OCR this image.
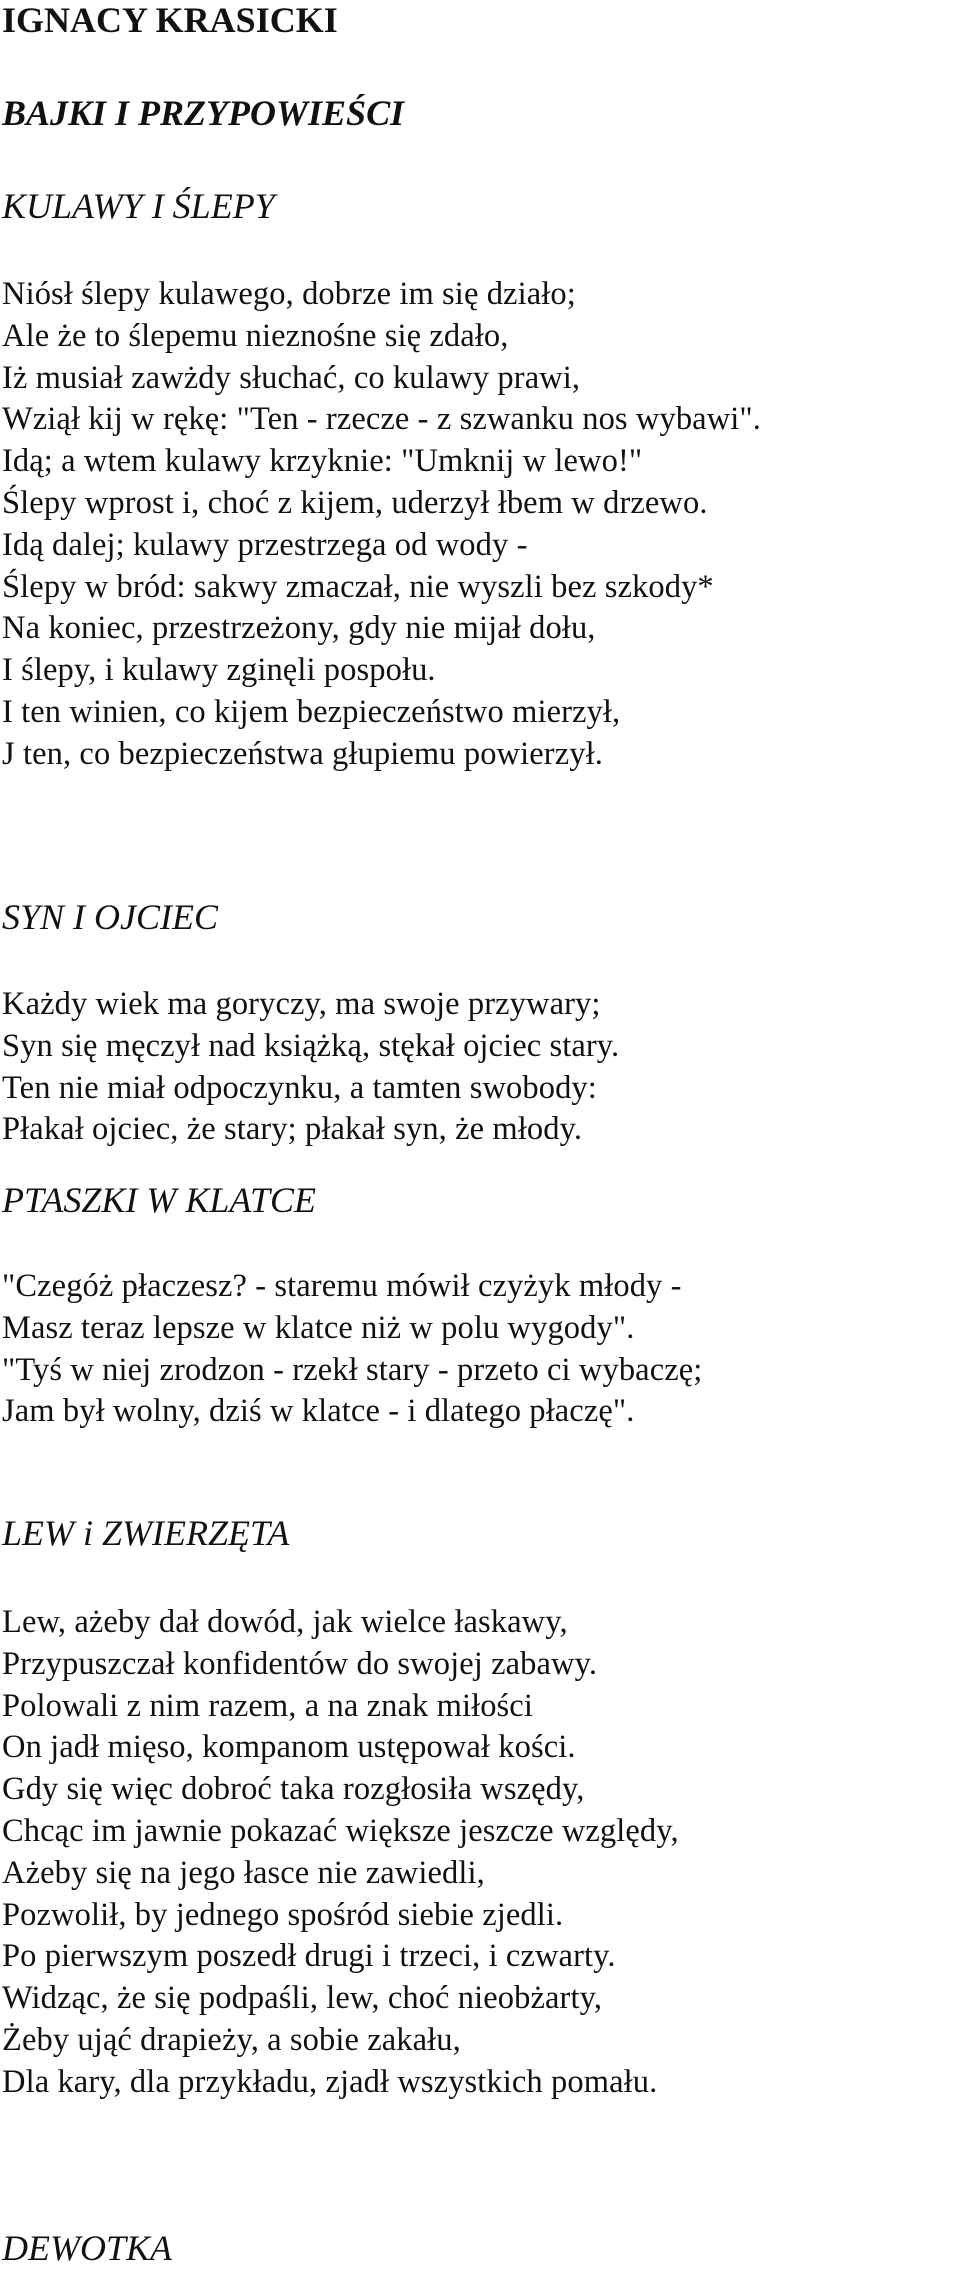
IGNACY KRASICKI
BAJKI I PRZYPOWIEŚCI
KULAWY I ŚLEPY
Niósł ślepy kulawego, dobrze im się działo;
Ale że to ślepemu nieznośne się zdało,
Iż musiał zawżdy słuchać, co kulawy prawi,
Wziął kij w rękę: "Ten - rzecze - z szwanku nos wybawi".
Idą; a wtem kulawy krzyknie: "Umknij w lewo!"
Ślepy wprost i, choć z kijem, uderzył łbem w drzewo.
Idą dalej; kulawy przestrzega od wody -
Ślepy w bród: sakwy zmaczał, nie wyszli bez szkody*
Na koniec, przestrzeżony, gdy nie mijał dołu,
I ślepy, i kulawy zginęli pospołu.
I ten winien, co kijem bezpieczeństwo mierzył,
J ten, co bezpieczeństwa głupiemu powierzył.
SYN I OJCIEC
Każdy wiek ma goryczy, ma swoje przywary;
Syn się męczył nad książką, stękał ojciec stary.
Ten nie miał odpoczynku, a tamten swobody:
Płakał ojciec, że stary; płakał syn, że młody.
PTASZKI W KLATCE
"Czegóż płaczesz? - staremu mówił czyżyk młody -
Masz teraz lepsze w klatce niż w polu wygody".
"Tyś w niej zrodzon - rzekł stary - przeto ci wybaczę;
Jam był wolny, dziś w klatce - i dlatego płaczę".
LEW i ZWIERZĘTA
Lew, ażeby dał dowód, jak wielce łaskawy,
Przypuszczał konfidentów do swojej zabawy.
Polowali z nim razem, a na znak miłości
On jadł mięso, kompanom ustępował kości.
Gdy się więc dobroć taka rozgłosiła wszędy,
Chcąc im jawnie pokazać większe jeszcze względy,
Ażeby się na jego łasce nie zawiedli,
Pozwolił, by jednego spośród siebie zjedli.
Po pierwszym poszedł drugi i trzeci, i czwarty.
Widząc, że się podpaśli, lew, choć nieobżarty,
Żeby ująć drapieży, a sobie zakału,
Dla kary, dla przykładu, zjadł wszystkich pomału.
DEWOTKA
